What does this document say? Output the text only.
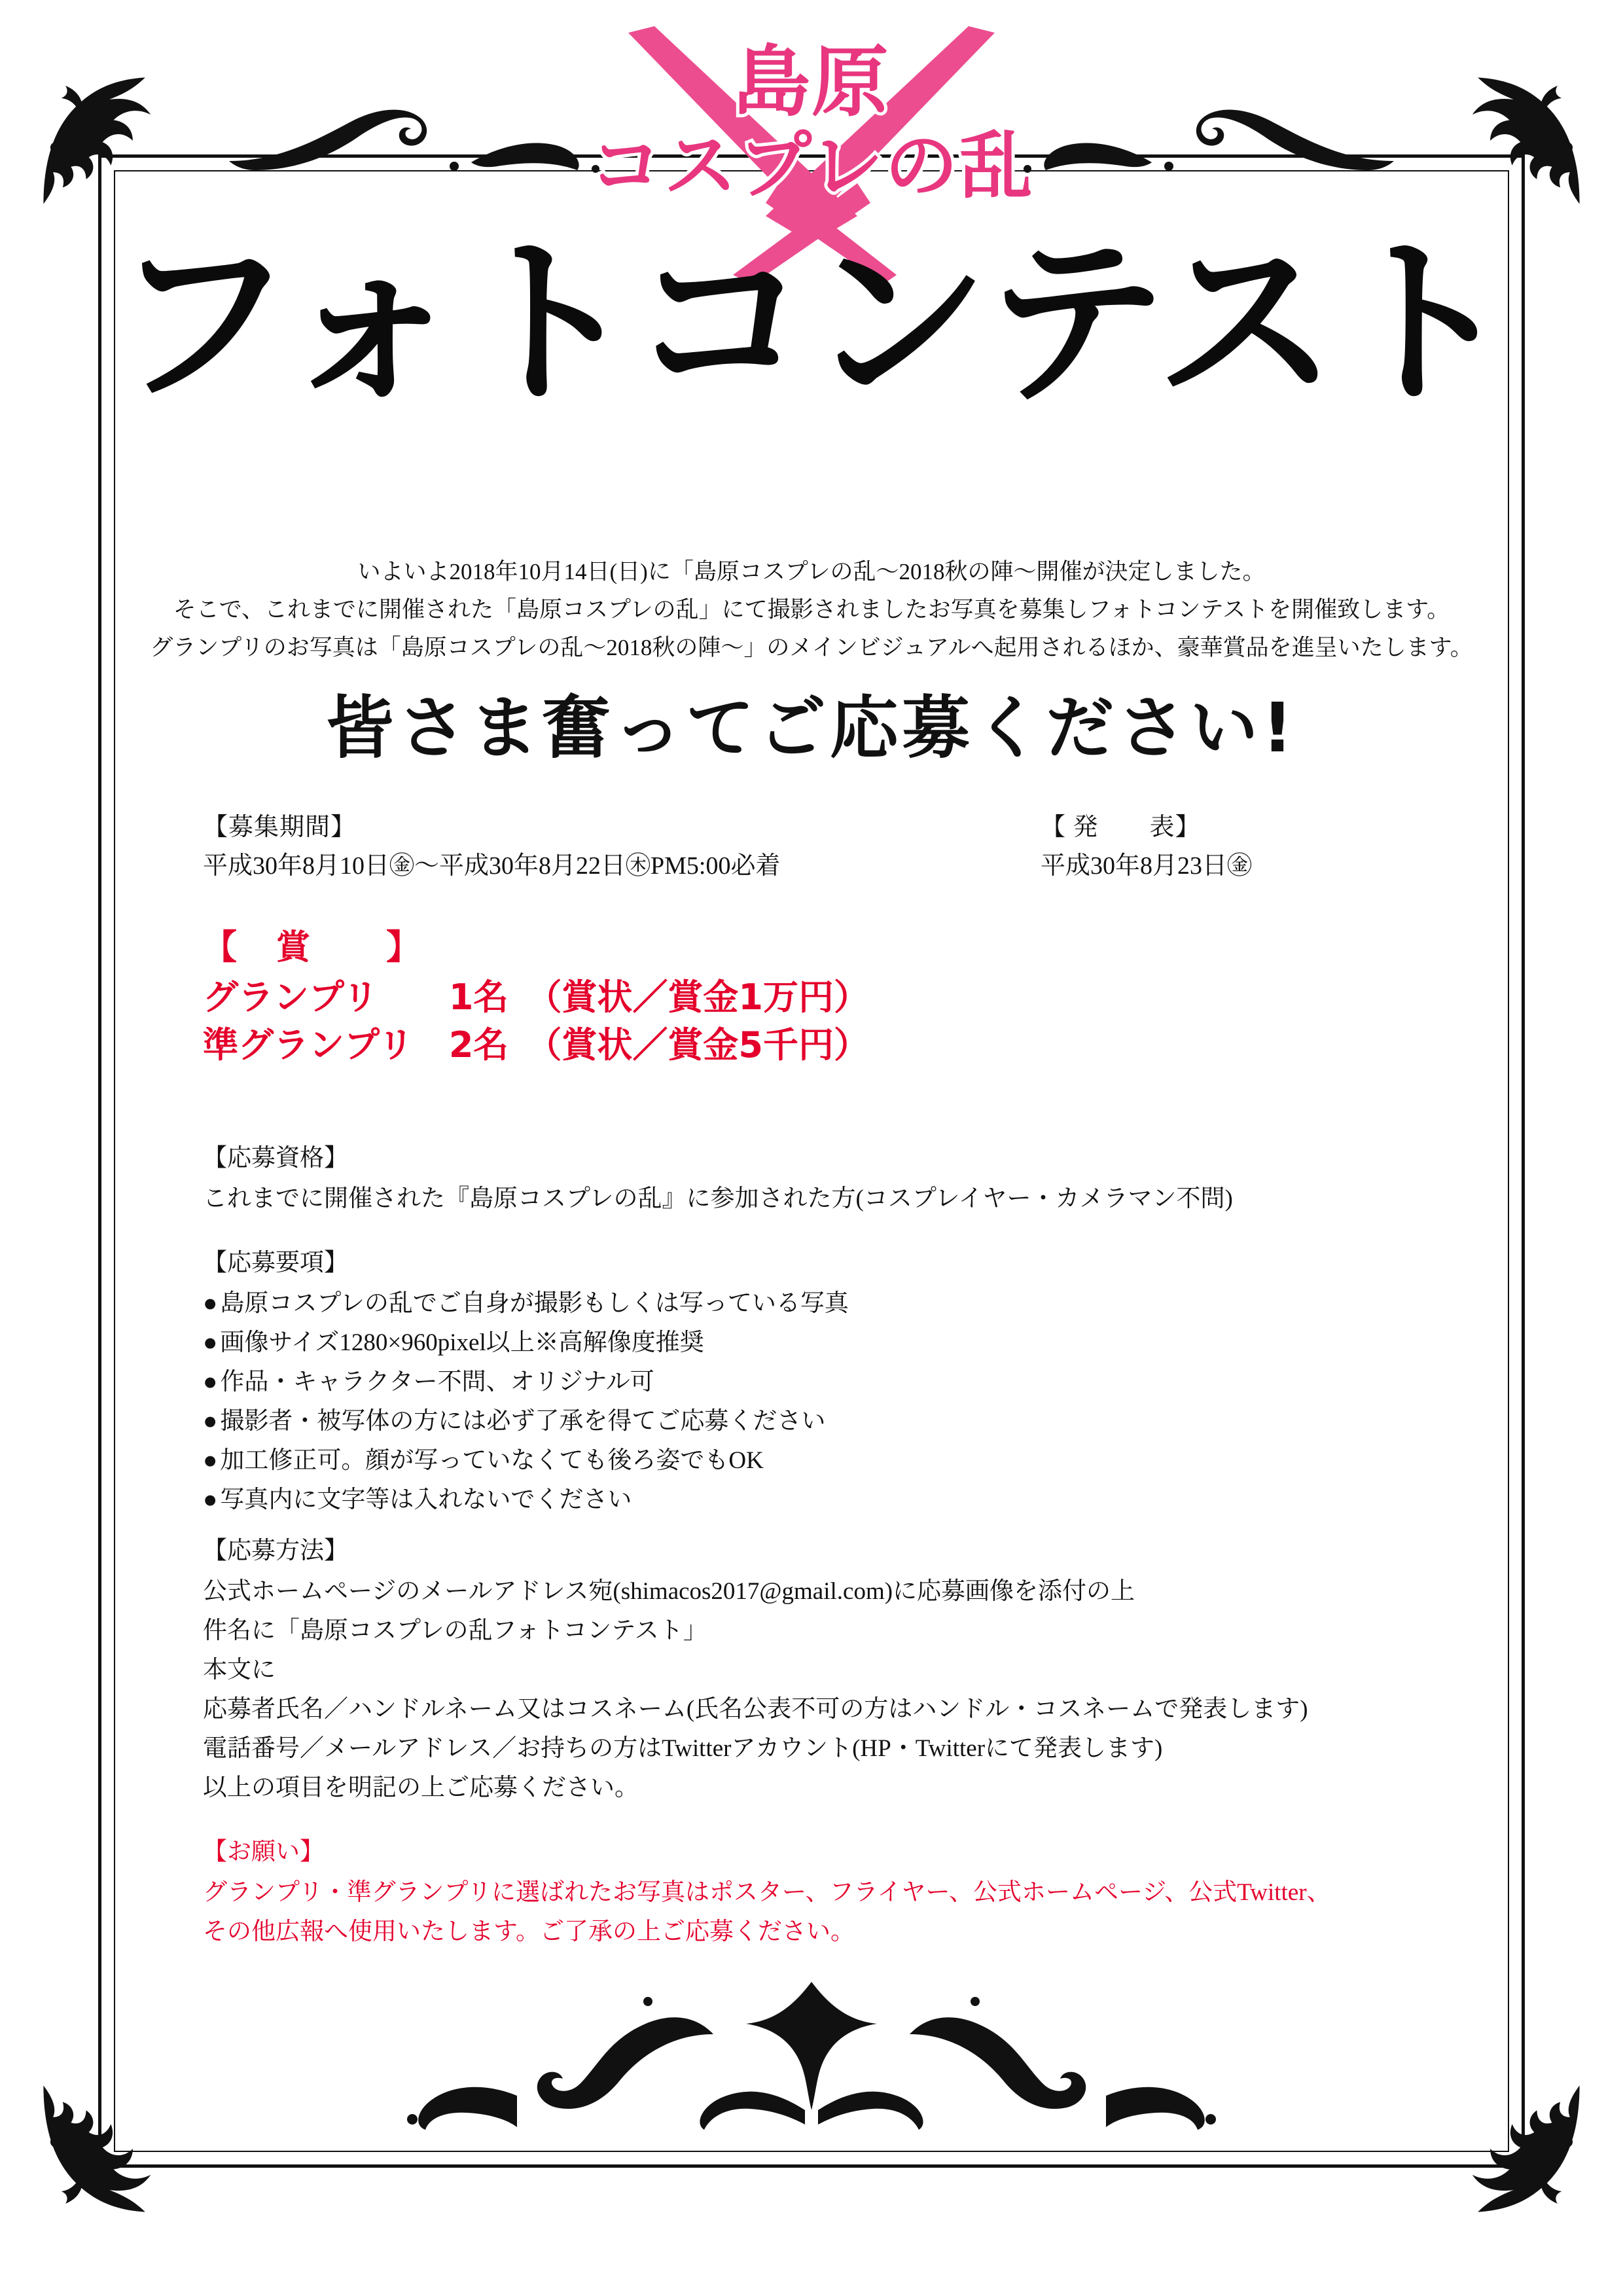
島原
コスプレの乱
フォトコンテスト
いよいよ2018年10月14日(日)に「島原コスプレの乱〜2018秋の陣〜開催が決定しました。
そこで、これまでに開催された「島原コスプレの乱」にて撮影されましたお写真を募集しフォトコンテストを開催致します。
グランプリのお写真は「島原コスプレの乱〜2018秋の陣〜」のメインビジュアルへ起用されるほか、豪華賞品を進呈いたします。
皆さま奮ってご応募ください!
【募集期間】
平成30年8月10日㊎〜平成30年8月22日㊍PM5:00必着
【 発　　表】
平成30年8月23日㊎
【　賞　　】
グランプリ　　1名　（賞状／賞金1万円）
準グランプリ　2名　（賞状／賞金5千円）
【応募資格】
これまでに開催された『島原コスプレの乱』に参加された方(コスプレイヤー・カメラマン不問)
【応募要項】
● 島原コスプレの乱でご自身が撮影もしくは写っている写真
● 画像サイズ1280×960pixel以上※高解像度推奨
● 作品・キャラクター不問、オリジナル可
● 撮影者・被写体の方には必ず了承を得てご応募ください
● 加工修正可。顔が写っていなくても後ろ姿でもOK
● 写真内に文字等は入れないでください
【応募方法】
公式ホームページのメールアドレス宛(shimacos2017@gmail.com)に応募画像を添付の上
件名に「島原コスプレの乱フォトコンテスト」
本文に
応募者氏名／ハンドルネーム又はコスネーム(氏名公表不可の方はハンドル・コスネームで発表します)
電話番号／メールアドレス／お持ちの方はTwitterアカウント(HP・Twitterにて発表します)
以上の項目を明記の上ご応募ください。
【お願い】
グランプリ・準グランプリに選ばれたお写真はポスター、フライヤー、公式ホームページ、公式Twitter、
その他広報へ使用いたします。ご了承の上ご応募ください。
